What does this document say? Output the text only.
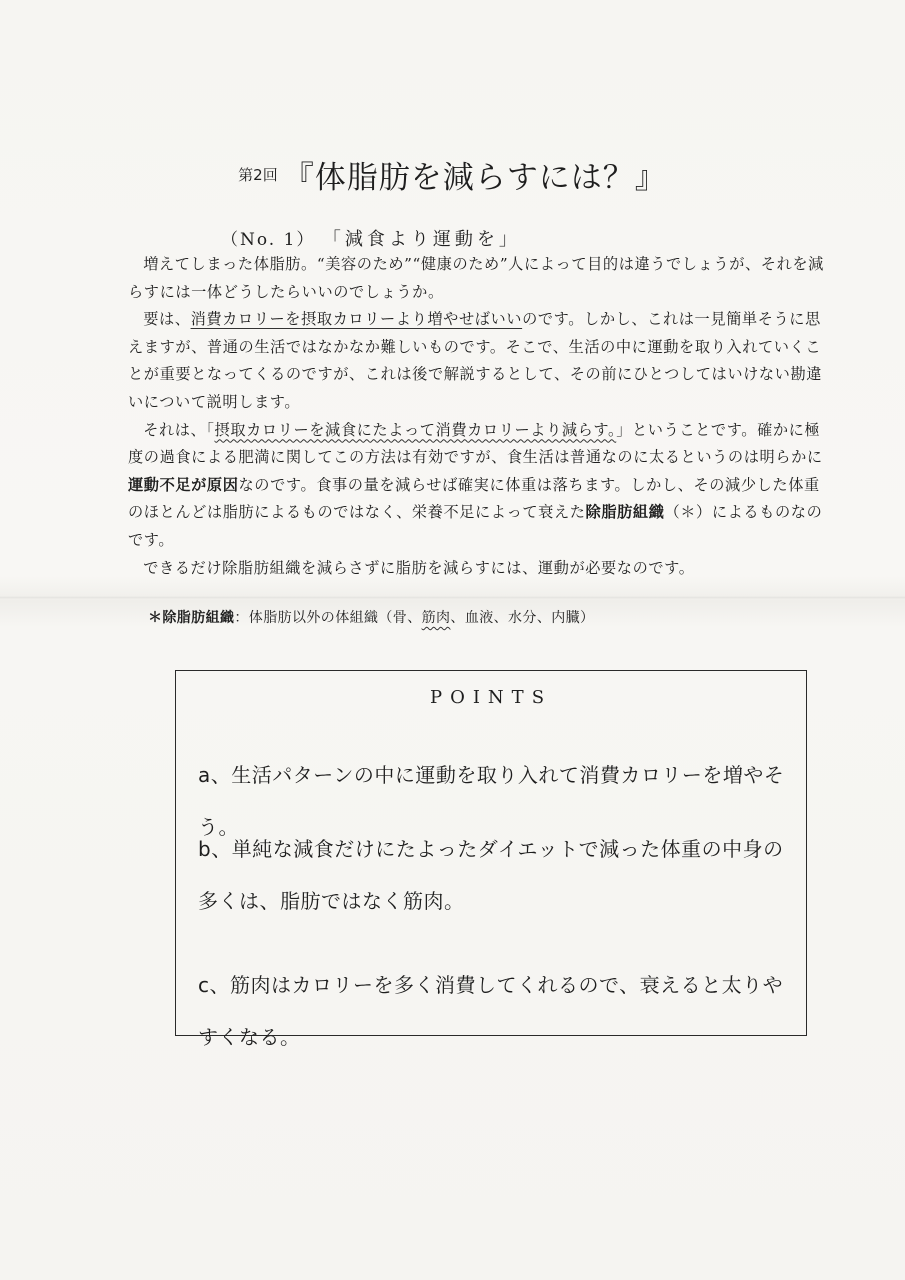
第2回 『体脂肪を減らすには？』
（No. 1） 「減食より運動を」

増えてしまった体脂肪。“美容のため”“健康のため”人によって目的は違うでしょうが、それを減らすには一体どうしたらいいのでしょうか。

要は、消費カロリーを摂取カロリーより増やせばいいのです。しかし、これは一見簡単そうに思えますが、普通の生活ではなかなか難しいものです。そこで、生活の中に運動を取り入れていくことが重要となってくるのですが、これは後で解説するとして、その前にひとつしてはいけない勘違いについて説明します。

それは、「摂取カロリーを減食にたよって消費カロリーより減らす。」ということです。確かに極度の過食による肥満に関してこの方法は有効ですが、食生活は普通なのに太るというのは明らかに運動不足が原因なのです。食事の量を減らせば確実に体重は落ちます。しかし、その減少した体重のほとんどは脂肪によるものではなく、栄養不足によって衰えた除脂肪組織（＊）によるものなのです。

できるだけ除脂肪組織を減らさずに脂肪を減らすには、運動が必要なのです。

＊除脂肪組織：体脂肪以外の体組織（骨、筋肉、血液、水分、内臓）
POINTS
a、生活パターンの中に運動を取り入れて消費カロリーを増やそう。
b、単純な減食だけにたよったダイエットで減った体重の中身の多くは、脂肪ではなく筋肉。
c、筋肉はカロリーを多く消費してくれるので、衰えると太りやすくなる。
